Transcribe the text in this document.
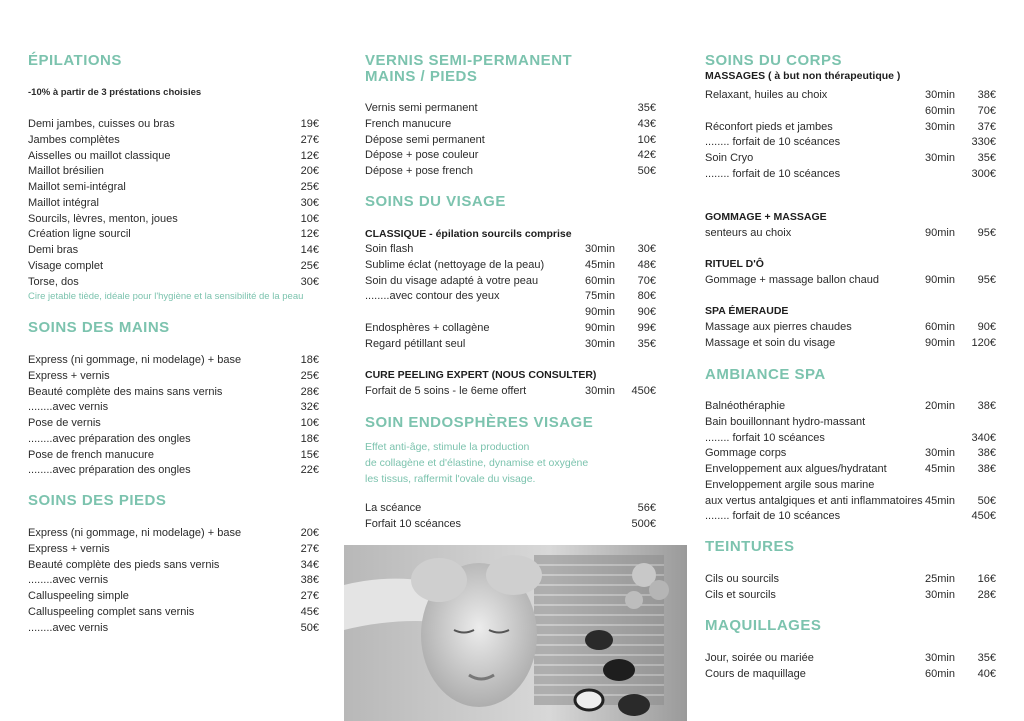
ÉPILATIONS
-10% à partir de 3 préstations choisies
Demi jambes, cuisses ou bras	19€
Jambes complètes	27€
Aisselles ou maillot classique	12€
Maillot brésilien	20€
Maillot semi-intégral	25€
Maillot intégral	30€
Sourcils, lèvres, menton, joues	10€
Création ligne sourcil	12€
Demi bras	14€
Visage complet	25€
Torse, dos	30€
Cire jetable tiède, idéale pour l'hygiène et la sensibilité de la peau
SOINS DES MAINS
Express (ni gommage, ni modelage) + base	18€
Express + vernis	25€
Beauté complète des mains sans vernis	28€
........avec vernis	32€
Pose de vernis	10€
........avec préparation des ongles	18€
Pose de french manucure	15€
........avec préparation des ongles	22€
SOINS DES PIEDS
Express (ni gommage, ni modelage) + base	20€
Express + vernis	27€
Beauté complète des pieds sans vernis	34€
........avec vernis	38€
Calluspeeling simple	27€
Calluspeeling complet sans vernis	45€
........avec vernis	50€
VERNIS SEMI-PERMANENT
MAINS / PIEDS
Vernis semi permanent	35€
French manucure	43€
Dépose semi permanent	10€
Dépose + pose couleur	42€
Dépose + pose french	50€
SOINS DU VISAGE
CLASSIQUE - épilation sourcils comprise
Soin flash	30min 30€
Sublime éclat (nettoyage de la peau)	45min 48€
Soin du visage adapté à votre peau	60min 70€
........avec contour des yeux	75min 80€
90min 90€
Endosphères + collagène	90min 99€
Regard pétillant seul	30min 35€
CURE PEELING EXPERT (NOUS CONSULTER)
Forfait de 5 soins - le 6eme offert	30min 450€
SOIN ENDOSPHÈRES VISAGE
Effet anti-âge, stimule la production
de collagène et d'élastine, dynamise et oxygène
les tissus, raffermit l'ovale du visage.
La scéance	56€
Forfait 10 scéances	500€
SOINS DU CORPS
MASSAGES ( à but non thérapeutique )
Relaxant, huiles au choix	30min 38€
60min 70€
Réconfort pieds et jambes	30min 37€
........ forfait de 10 scéances	330€
Soin Cryo	30min 35€
........ forfait de 10 scéances	300€
GOMMAGE + MASSAGE
senteurs au choix	90min 95€
RITUEL D'Ô
Gommage + massage ballon chaud	90min 95€
SPA ÉMERAUDE
Massage aux pierres chaudes	60min 90€
Massage et soin du visage	90min 120€
AMBIANCE SPA
Balnéothéraphie	20min 38€
Bain bouillonnant hydro-massant
........ forfait 10 scéances	340€
Gommage corps	30min 38€
Enveloppement aux algues/hydratant	45min 38€
Enveloppement argile sous marine
aux vertus antalgiques et anti inflammatoires 45min 50€
........ forfait de 10 scéances	450€
TEINTURES
Cils ou sourcils	25min 16€
Cils et sourcils	30min 28€
MAQUILLAGES
Jour, soirée ou mariée	30min 35€
Cours de maquillage	60min 40€
